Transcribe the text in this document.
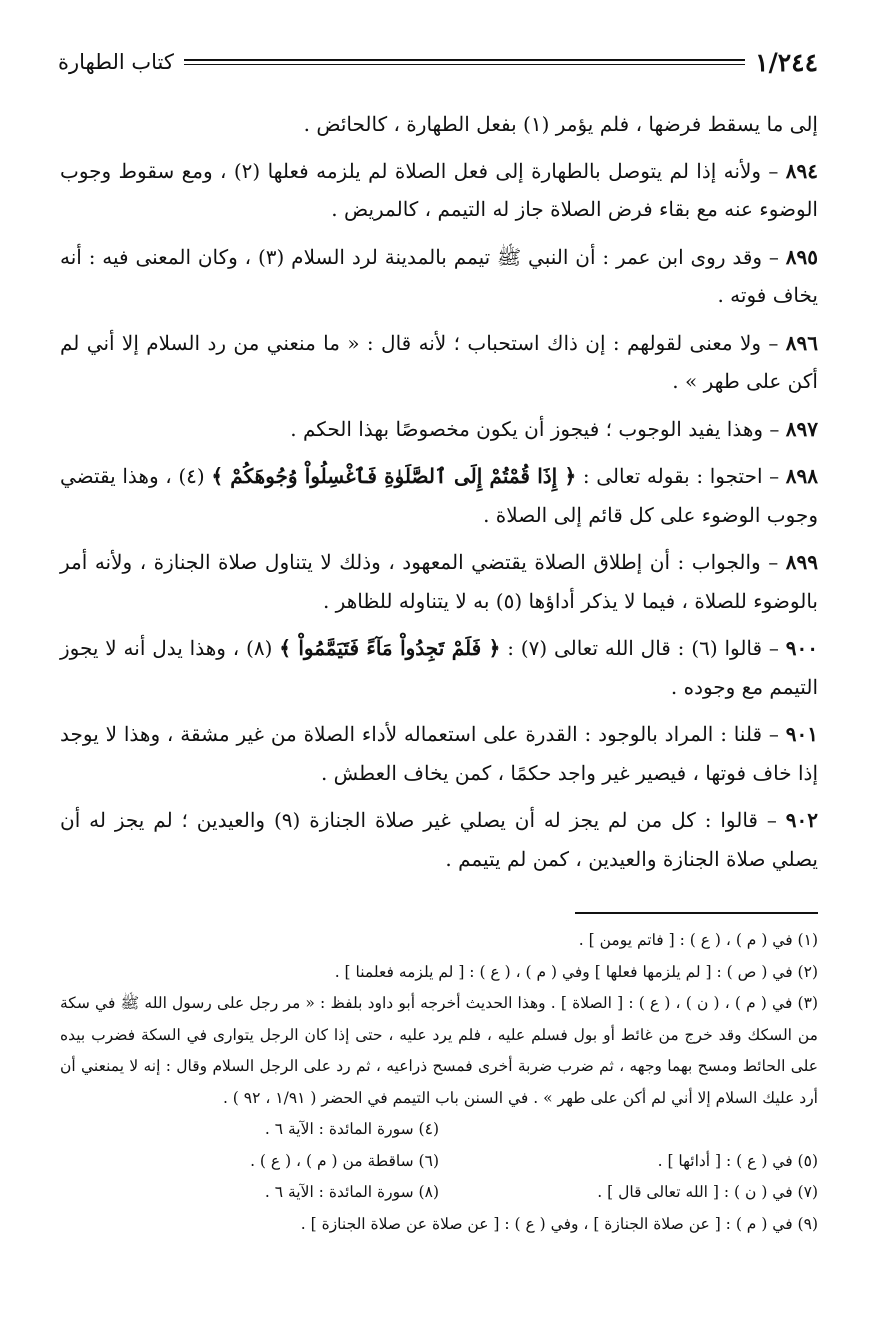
١/٢٤٤
كتاب الطهارة

إلى ما يسقط فرضها ، فلم يؤمر (١) بفعل الطهارة ، كالحائض .

٨٩٤ – ولأنه إذا لم يتوصل بالطهارة إلى فعل الصلاة لم يلزمه فعلها (٢) ، ومع سقوط وجوب الوضوء عنه مع بقاء فرض الصلاة جاز له التيمم ، كالمريض .

٨٩٥ – وقد روى ابن عمر : أن النبي ﷺ تيمم بالمدينة لرد السلام (٣) ، وكان المعنى فيه : أنه يخاف فوته .

٨٩٦ – ولا معنى لقولهم : إن ذاك استحباب ؛ لأنه قال : « ما منعني من رد السلام إلا أني لم أكن على طهر » .

٨٩٧ – وهذا يفيد الوجوب ؛ فيجوز أن يكون مخصوصًا بهذا الحكم .

٨٩٨ – احتجوا : بقوله تعالى : ﴿ إِذَا قُمْتُمْ إِلَى ٱلصَّلَوٰةِ فَٱغْسِلُواْ وُجُوهَكُمْ ﴾ (٤) ، وهذا يقتضي وجوب الوضوء على كل قائم إلى الصلاة .

٨٩٩ – والجواب : أن إطلاق الصلاة يقتضي المعهود ، وذلك لا يتناول صلاة الجنازة ، ولأنه أمر بالوضوء للصلاة ، فيما لا يذكر أداؤها (٥) به لا يتناوله للظاهر .

٩٠٠ – قالوا (٦) : قال الله تعالى (٧) : ﴿ فَلَمْ تَجِدُواْ مَآءً فَتَيَمَّمُواْ ﴾ (٨) ، وهذا يدل أنه لا يجوز التيمم مع وجوده .

٩٠١ – قلنا : المراد بالوجود : القدرة على استعماله لأداء الصلاة من غير مشقة ، وهذا لا يوجد إذا خاف فوتها ، فيصير غير واجد حكمًا ، كمن يخاف العطش .

٩٠٢ – قالوا : كل من لم يجز له أن يصلي غير صلاة الجنازة (٩) والعيدين ؛ لم يجز له أن يصلي صلاة الجنازة والعيدين ، كمن لم يتيمم .

(١) في ( م ) ، ( ع ) : [ فاتم يومن ] .

(٢) في ( ص ) : [ لم يلزمها فعلها ] وفي ( م ) ، ( ع ) : [ لم يلزمه فعلمنا ] .

(٣) في ( م ) ، ( ن ) ، ( ع ) : [ الصلاة ] . وهذا الحديث أخرجه أبو داود بلفظ : « مر رجل على رسول الله ﷺ في سكة من السكك وقد خرج من غائط أو بول فسلم عليه ، فلم يرد عليه ، حتى إذا كان الرجل يتوارى في السكة فضرب بيده على الحائط ومسح بهما وجهه ، ثم ضرب ضربة أخرى فمسح ذراعيه ، ثم رد على الرجل السلام وقال : إنه لا يمنعني أن أرد عليك السلام إلا أني لم أكن على طهر » . في السنن باب التيمم في الحضر ( ١/٩١ ، ٩٢ ) .

(٤) سورة المائدة : الآية ٦ .

(٥) في ( ع ) : [ أدائها ] .

(٦) ساقطة من ( م ) ، ( ع ) .

(٧) في ( ن ) : [ الله تعالى قال ] .

(٨) سورة المائدة : الآية ٦ .

(٩) في ( م ) : [ عن صلاة الجنازة ] ، وفي ( ع ) : [ عن صلاة عن صلاة الجنازة ] .
